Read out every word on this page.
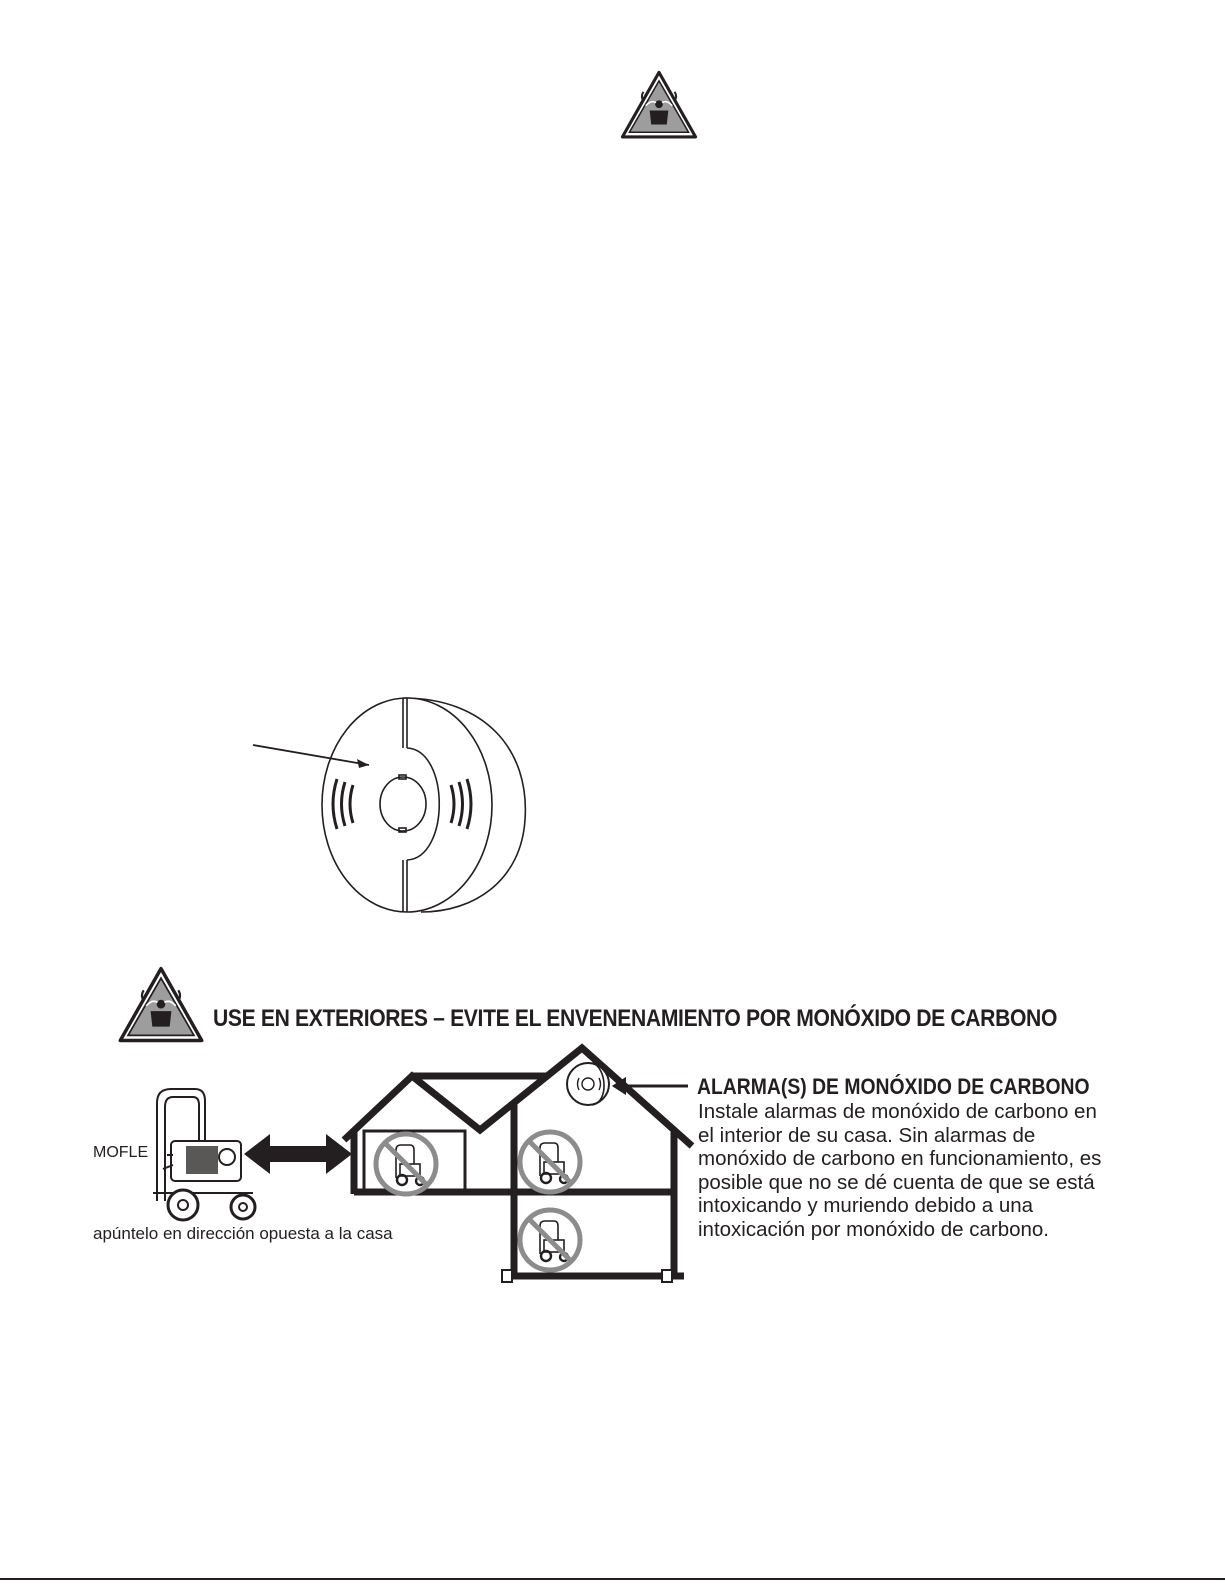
USE EN EXTERIORES – EVITE EL ENVENENAMIENTO POR MONÓXIDO DE CARBONO
MOFLE
apúntelo en dirección opuesta a la casa
ALARMA(S) DE MONÓXIDO DE CARBONO

Instale alarmas de monóxido de carbono en el interior de su casa. Sin alarmas de monóxido de carbono en funcionamiento, es posible que no se dé cuenta de que se está intoxicando y muriendo debido a una intoxicación por monóxido de carbono.
